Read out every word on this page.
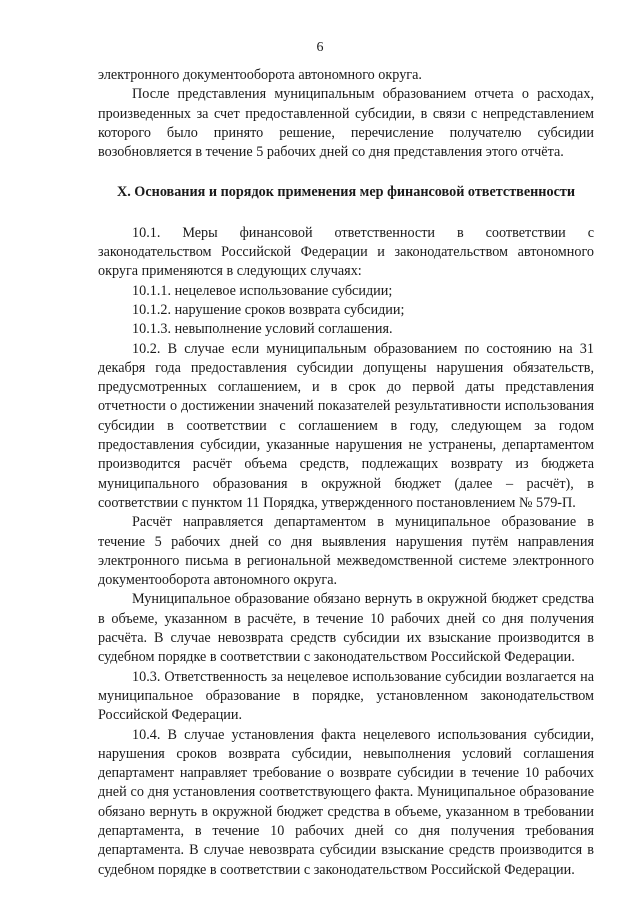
6

электронного документооборота автономного округа.

После представления муниципальным образованием отчета о расходах, произведенных за счет предоставленной субсидии, в связи с непредставлением которого было принято решение, перечисление получателю субсидии возобновляется в течение 5 рабочих дней со дня представления этого отчёта.

X. Основания и порядок применения мер финансовой ответственности

10.1. Меры финансовой ответственности в соответствии с законодательством Российской Федерации и законодательством автономного округа применяются в следующих случаях:

10.1.1. нецелевое использование субсидии;

10.1.2. нарушение сроков возврата субсидии;

10.1.3. невыполнение условий соглашения.

10.2. В случае если муниципальным образованием по состоянию на 31 декабря года предоставления субсидии допущены нарушения обязательств, предусмотренных соглашением, и в срок до первой даты представления отчетности о достижении значений показателей результативности использования субсидии в соответствии с соглашением в году, следующем за годом предоставления субсидии, указанные нарушения не устранены, департаментом производится расчёт объема средств, подлежащих возврату из бюджета муниципального образования в окружной бюджет (далее – расчёт), в соответствии с пунктом 11 Порядка, утвержденного постановлением № 579-П.

Расчёт направляется департаментом в муниципальное образование в течение 5 рабочих дней со дня выявления нарушения путём направления электронного письма в региональной межведомственной системе электронного документооборота автономного округа.

Муниципальное образование обязано вернуть в окружной бюджет средства в объеме, указанном в расчёте, в течение 10 рабочих дней со дня получения расчёта. В случае невозврата средств субсидии их взыскание производится в судебном порядке в соответствии с законодательством Российской Федерации.

10.3. Ответственность за нецелевое использование субсидии возлагается на муниципальное образование в порядке, установленном законодательством Российской Федерации.

10.4. В случае установления факта нецелевого использования субсидии, нарушения сроков возврата субсидии, невыполнения условий соглашения департамент направляет требование о возврате субсидии в течение 10 рабочих дней со дня установления соответствующего факта. Муниципальное образование обязано вернуть в окружной бюджет средства в объеме, указанном в требовании департамента, в течение 10 рабочих дней со дня получения требования департамента. В случае невозврата субсидии взыскание средств производится в судебном порядке в соответствии с законодательством Российской Федерации.
